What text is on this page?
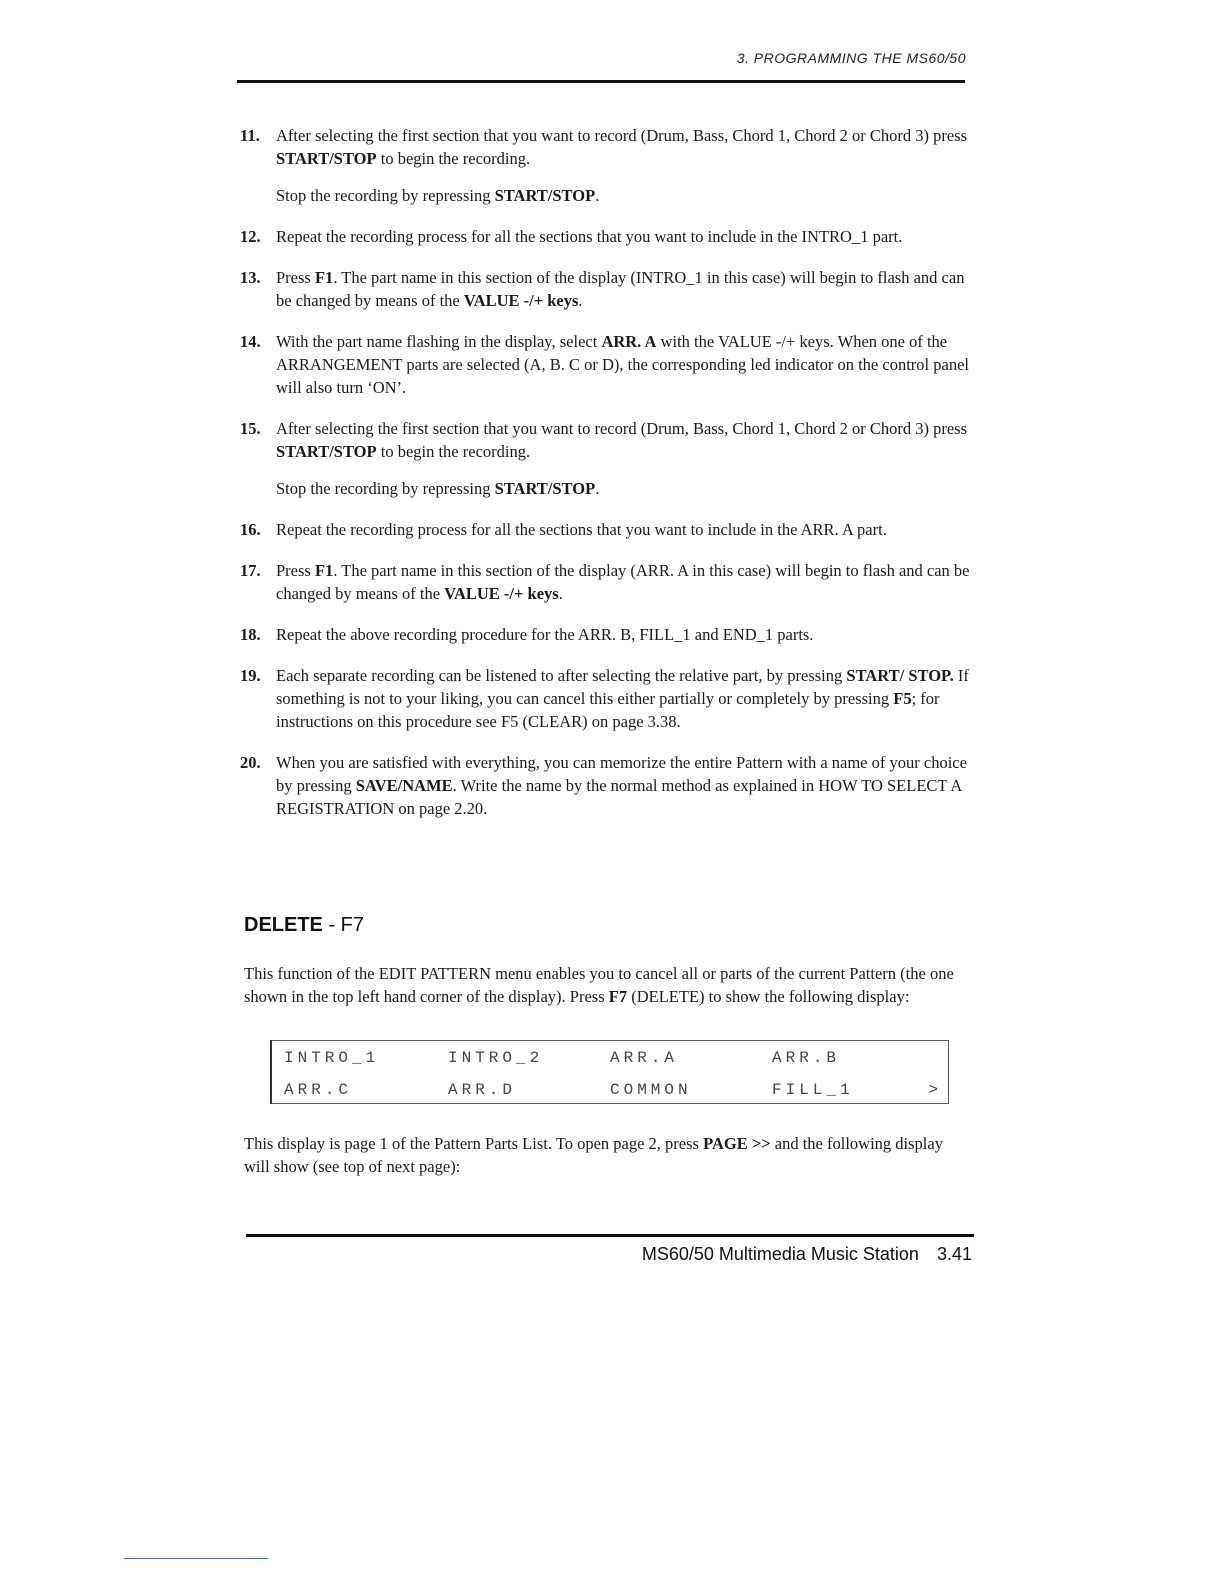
3. PROGRAMMING THE MS60/50
11. After selecting the first section that you want to record (Drum, Bass, Chord 1, Chord 2 or Chord 3) press START/STOP to begin the recording.
Stop the recording by repressing START/STOP.
12. Repeat the recording process for all the sections that you want to include in the INTRO_1 part.
13. Press F1. The part name in this section of the display (INTRO_1 in this case) will begin to flash and can be changed by means of the VALUE -/+ keys.
14. With the part name flashing in the display, select ARR. A with the VALUE -/+ keys. When one of the ARRANGEMENT parts are selected (A, B. C or D), the corresponding led indicator on the control panel will also turn ‘ON’.
15. After selecting the first section that you want to record (Drum, Bass, Chord 1, Chord 2 or Chord 3) press START/STOP to begin the recording.
Stop the recording by repressing START/STOP.
16. Repeat the recording process for all the sections that you want to include in the ARR. A part.
17. Press F1. The part name in this section of the display (ARR. A in this case) will begin to flash and can be changed by means of the VALUE -/+ keys.
18. Repeat the above recording procedure for the ARR. B, FILL_1 and END_1 parts.
19. Each separate recording can be listened to after selecting the relative part, by pressing START/ STOP. If something is not to your liking, you can cancel this either partially or completely by pressing F5; for instructions on this procedure see F5 (CLEAR) on page 3.38.
20. When you are satisfied with everything, you can memorize the entire Pattern with a name of your choice by pressing SAVE/NAME. Write the name by the normal method as explained in HOW TO SELECT A REGISTRATION on page 2.20.
DELETE - F7
This function of the EDIT PATTERN menu enables you to cancel all or parts of the current Pattern (the one shown in the top left hand corner of the display). Press F7 (DELETE) to show the following display:
INTRO_1	INTRO_2	ARR.A	ARR.B
ARR.C	ARR.D	COMMON	FILL_1	>
This display is page 1 of the Pattern Parts List. To open page 2, press PAGE >> and the following display will show (see top of next page):
MS60/50 Multimedia Music Station 3.41
